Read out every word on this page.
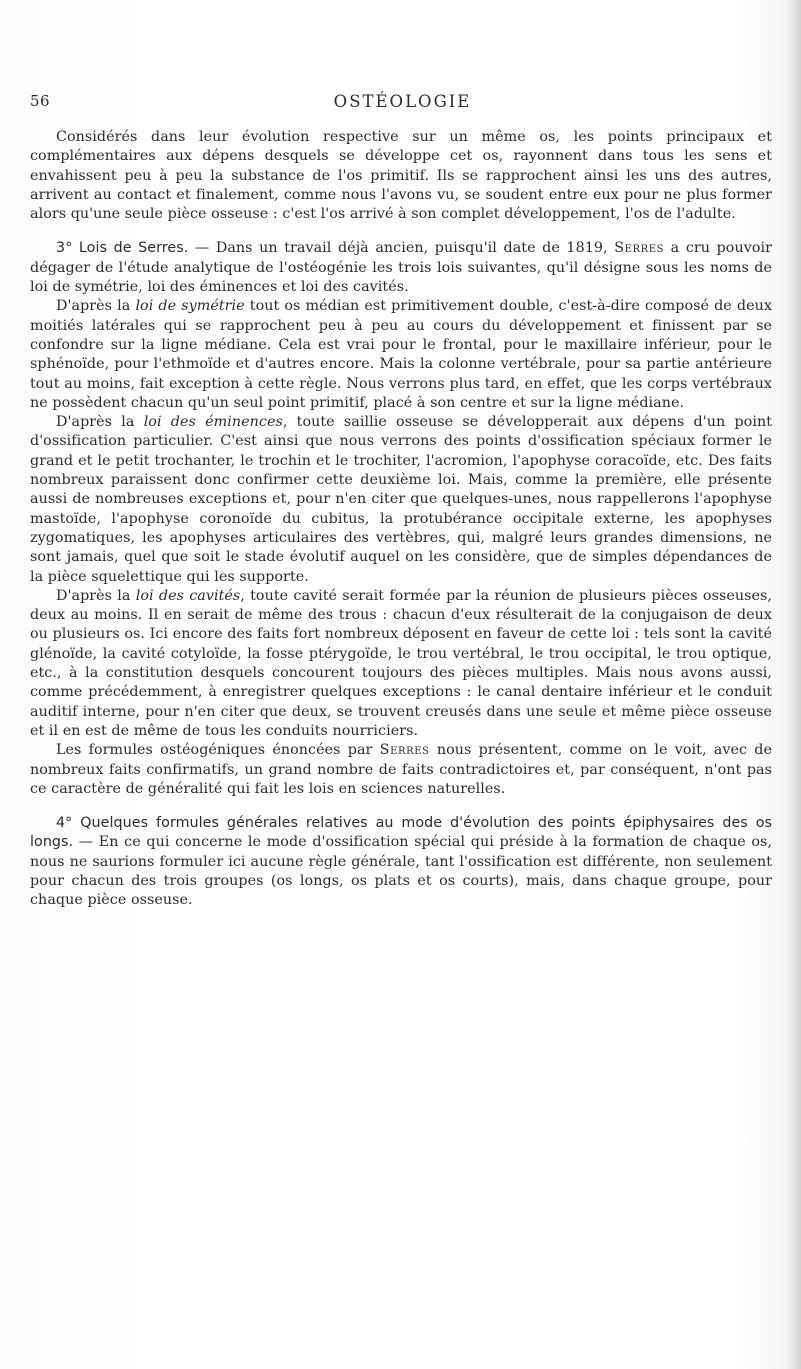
56	OSTÉOLOGIE

Considérés dans leur évolution respective sur un même os, les points principaux et complémentaires aux dépens desquels se développe cet os, rayonnent dans tous les sens et envahissent peu à peu la substance de l'os primitif. Ils se rapprochent ainsi les uns des autres, arrivent au contact et finalement, comme nous l'avons vu, se soudent entre eux pour ne plus former alors qu'une seule pièce osseuse : c'est l'os arrivé à son complet développement, l'os de l'adulte.

3° Lois de Serres. — Dans un travail déjà ancien, puisqu'il date de 1819, Serres a cru pouvoir dégager de l'étude analytique de l'ostéogénie les trois lois suivantes, qu'il désigne sous les noms de loi de symétrie, loi des éminences et loi des cavités.

D'après la loi de symétrie tout os médian est primitivement double, c'est-à-dire composé de deux moitiés latérales qui se rapprochent peu à peu au cours du développement et finissent par se confondre sur la ligne médiane. Cela est vrai pour le frontal, pour le maxillaire inférieur, pour le sphénoïde, pour l'ethmoïde et d'autres encore. Mais la colonne vertébrale, pour sa partie antérieure tout au moins, fait exception à cette règle. Nous verrons plus tard, en effet, que les corps vertébraux ne possèdent chacun qu'un seul point primitif, placé à son centre et sur la ligne médiane.

D'après la loi des éminences, toute saillie osseuse se développerait aux dépens d'un point d'ossification particulier. C'est ainsi que nous verrons des points d'ossification spéciaux former le grand et le petit trochanter, le trochin et le trochiter, l'acromion, l'apophyse coracoïde, etc. Des faits nombreux paraissent donc confirmer cette deuxième loi. Mais, comme la première, elle présente aussi de nombreuses exceptions et, pour n'en citer que quelques-unes, nous rappellerons l'apophyse mastoïde, l'apophyse coronoïde du cubitus, la protubérance occipitale externe, les apophyses zygomatiques, les apophyses articulaires des vertèbres, qui, malgré leurs grandes dimensions, ne sont jamais, quel que soit le stade évolutif auquel on les considère, que de simples dépendances de la pièce squelettique qui les supporte.

D'après la loi des cavités, toute cavité serait formée par la réunion de plusieurs pièces osseuses, deux au moins. Il en serait de même des trous : chacun d'eux résulterait de la conjugaison de deux ou plusieurs os. Ici encore des faits fort nombreux déposent en faveur de cette loi : tels sont la cavité glénoïde, la cavité cotyloïde, la fosse ptérygoïde, le trou vertébral, le trou occipital, le trou optique, etc., à la constitution desquels concourent toujours des pièces multiples. Mais nous avons aussi, comme précédemment, à enregistrer quelques exceptions : le canal dentaire inférieur et le conduit auditif interne, pour n'en citer que deux, se trouvent creusés dans une seule et même pièce osseuse et il en est de même de tous les conduits nourriciers.

Les formules ostéogéniques énoncées par Serres nous présentent, comme on le voit, avec de nombreux faits confirmatifs, un grand nombre de faits contradictoires et, par conséquent, n'ont pas ce caractère de généralité qui fait les lois en sciences naturelles.

4° Quelques formules générales relatives au mode d'évolution des points épiphysaires des os longs. — En ce qui concerne le mode d'ossification spécial qui préside à la formation de chaque os, nous ne saurions formuler ici aucune règle générale, tant l'ossification est différente, non seulement pour chacun des trois groupes (os longs, os plats et os courts), mais, dans chaque groupe, pour chaque pièce osseuse.
